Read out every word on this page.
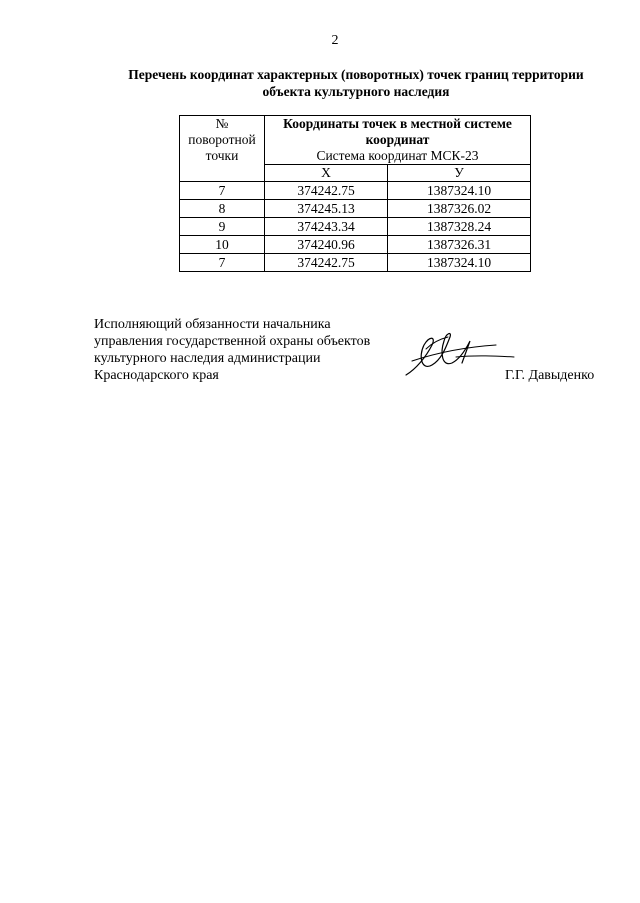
2
Перечень координат характерных (поворотных) точек границ территории
объекта культурного наследия
№
поворотной
точки	Координаты точек в местной системе
координат
Система координат МСК-23	

	Х	У
7	374242.75	1387324.10
8	374245.13	1387326.02
9	374243.34	1387328.24
10	374240.96	1387326.31
7	374242.75	1387324.10
Исполняющий обязанности начальника
управления государственной охраны объектов
культурного наследия администрации
Краснодарского края	Г.Г. Давыденко
